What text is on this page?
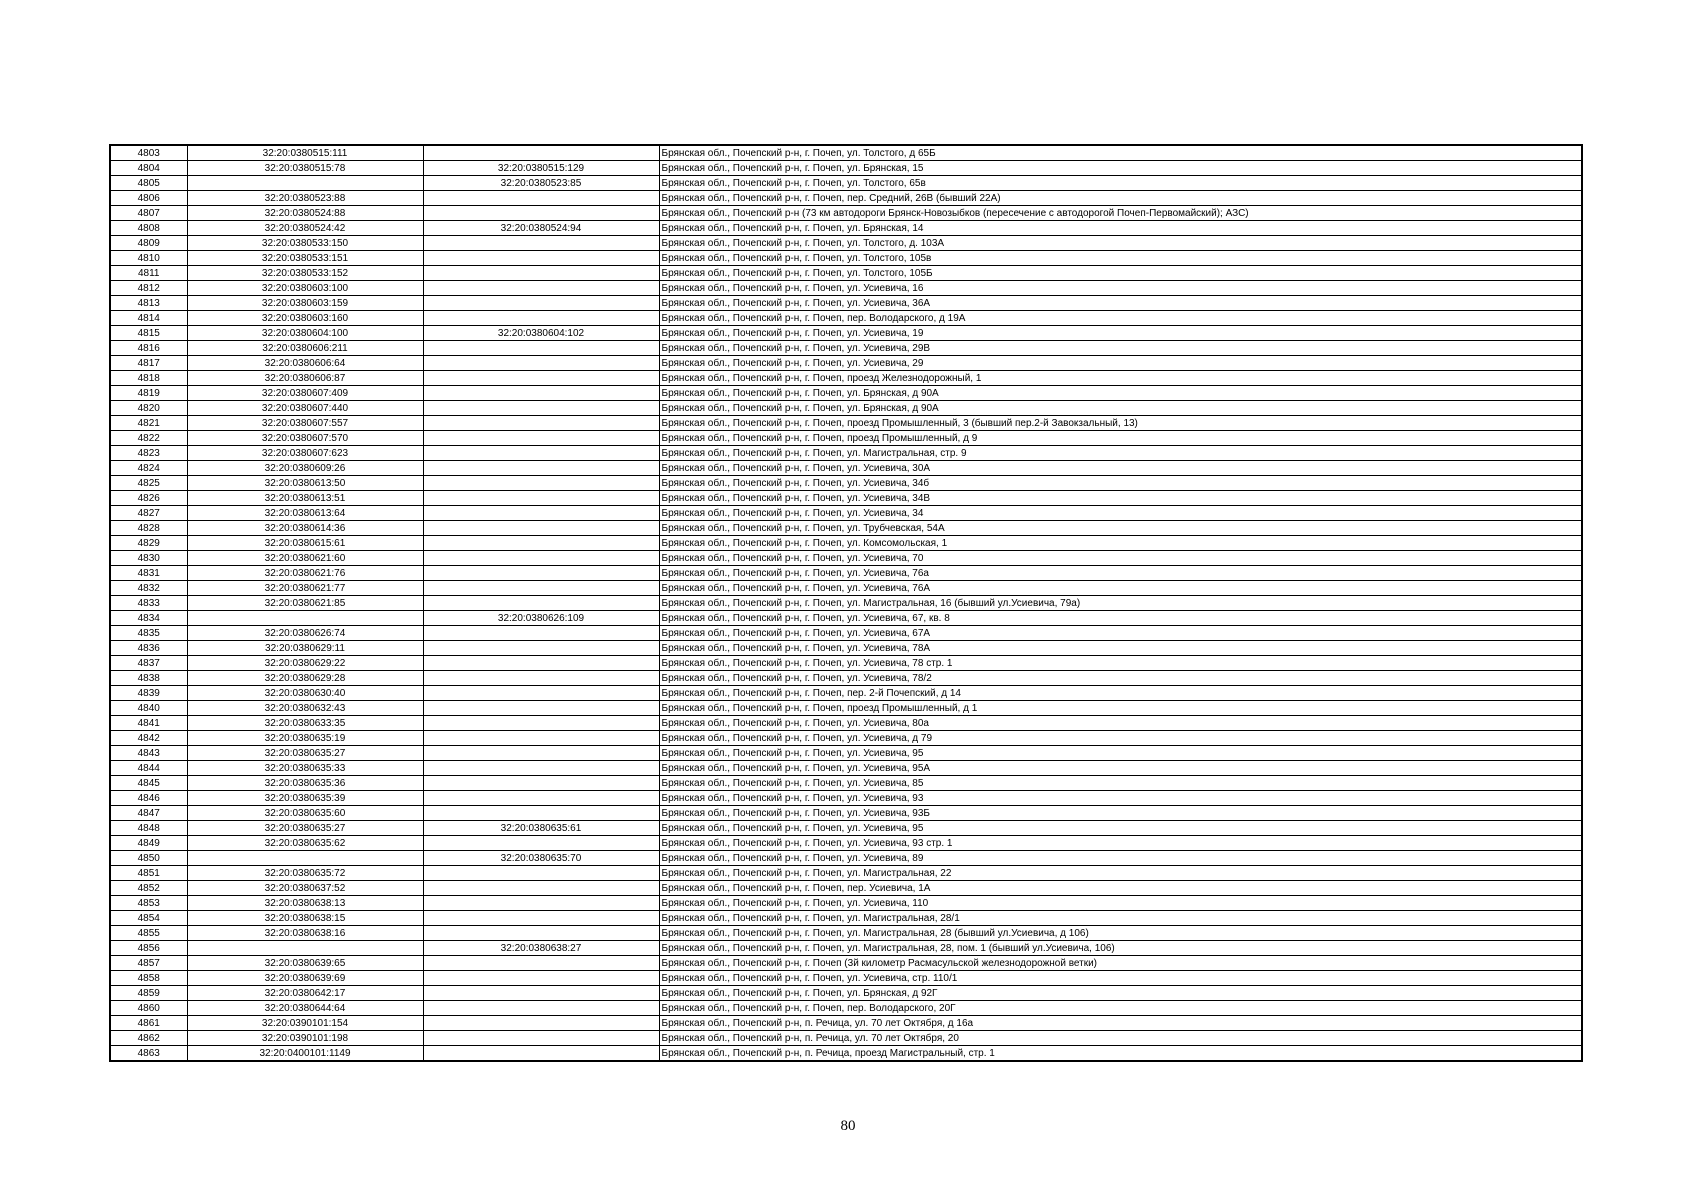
4803	32:20:0380515:111		Брянская обл., Почепский р-н, г. Почеп, ул. Толстого, д 65Б
4804	32:20:0380515:78	32:20:0380515:129	Брянская обл., Почепский р-н, г. Почеп, ул. Брянская, 15
4805		32:20:0380523:85	Брянская обл., Почепский р-н, г. Почеп, ул. Толстого, 65в
4806	32:20:0380523:88		Брянская обл., Почепский р-н, г. Почеп, пер. Средний, 26В (бывший 22А)
4807	32:20:0380524:88		Брянская обл., Почепский р-н (73 км автодороги Брянск-Новозыбков (пересечение с автодорогой Почеп-Первомайский); АЗС)
4808	32:20:0380524:42	32:20:0380524:94	Брянская обл., Почепский р-н, г. Почеп, ул. Брянская, 14
4809	32:20:0380533:150		Брянская обл., Почепский р-н, г. Почеп, ул. Толстого, д. 103А
4810	32:20:0380533:151		Брянская обл., Почепский р-н, г. Почеп, ул. Толстого, 105в
4811	32:20:0380533:152		Брянская обл., Почепский р-н, г. Почеп, ул. Толстого, 105Б
4812	32:20:0380603:100		Брянская обл., Почепский р-н, г. Почеп, ул. Усиевича, 16
4813	32:20:0380603:159		Брянская обл., Почепский р-н, г. Почеп, ул. Усиевича, 36А
4814	32:20:0380603:160		Брянская обл., Почепский р-н, г. Почеп, пер. Володарского, д 19А
4815	32:20:0380604:100	32:20:0380604:102	Брянская обл., Почепский р-н, г. Почеп, ул. Усиевича, 19
4816	32:20:0380606:211		Брянская обл., Почепский р-н, г. Почеп, ул. Усиевича, 29В
4817	32:20:0380606:64		Брянская обл., Почепский р-н, г. Почеп, ул. Усиевича, 29
4818	32:20:0380606:87		Брянская обл., Почепский р-н, г. Почеп, проезд Железнодорожный, 1
4819	32:20:0380607:409		Брянская обл., Почепский р-н, г. Почеп, ул. Брянская, д 90А
4820	32:20:0380607:440		Брянская обл., Почепский р-н, г. Почеп, ул. Брянская, д 90А
4821	32:20:0380607:557		Брянская обл., Почепский р-н, г. Почеп, проезд Промышленный, 3 (бывший пер.2-й Завокзальный, 13)
4822	32:20:0380607:570		Брянская обл., Почепский р-н, г. Почеп, проезд Промышленный, д 9
4823	32:20:0380607:623		Брянская обл., Почепский р-н, г. Почеп, ул. Магистральная, стр. 9
4824	32:20:0380609:26		Брянская обл., Почепский р-н, г. Почеп, ул. Усиевича, 30А
4825	32:20:0380613:50		Брянская обл., Почепский р-н, г. Почеп, ул. Усиевича, 34б
4826	32:20:0380613:51		Брянская обл., Почепский р-н, г. Почеп, ул. Усиевича, 34В
4827	32:20:0380613:64		Брянская обл., Почепский р-н, г. Почеп, ул. Усиевича, 34
4828	32:20:0380614:36		Брянская обл., Почепский р-н, г. Почеп, ул. Трубчевская, 54А
4829	32:20:0380615:61		Брянская обл., Почепский р-н, г. Почеп, ул. Комсомольская, 1
4830	32:20:0380621:60		Брянская обл., Почепский р-н, г. Почеп, ул. Усиевича, 70
4831	32:20:0380621:76		Брянская обл., Почепский р-н, г. Почеп, ул. Усиевича, 76а
4832	32:20:0380621:77		Брянская обл., Почепский р-н, г. Почеп, ул. Усиевича, 76А
4833	32:20:0380621:85		Брянская обл., Почепский р-н, г. Почеп, ул. Магистральная, 16 (бывший ул.Усиевича, 79а)
4834		32:20:0380626:109	Брянская обл., Почепский р-н, г. Почеп, ул. Усиевича, 67, кв. 8
4835	32:20:0380626:74		Брянская обл., Почепский р-н, г. Почеп, ул. Усиевича, 67А
4836	32:20:0380629:11		Брянская обл., Почепский р-н, г. Почеп, ул. Усиевича, 78А
4837	32:20:0380629:22		Брянская обл., Почепский р-н, г. Почеп, ул. Усиевича, 78 стр. 1
4838	32:20:0380629:28		Брянская обл., Почепский р-н, г. Почеп, ул. Усиевича, 78/2
4839	32:20:0380630:40		Брянская обл., Почепский р-н, г. Почеп, пер. 2-й Почепский, д 14
4840	32:20:0380632:43		Брянская обл., Почепский р-н, г. Почеп, проезд Промышленный, д 1
4841	32:20:0380633:35		Брянская обл., Почепский р-н, г. Почеп, ул. Усиевича, 80а
4842	32:20:0380635:19		Брянская обл., Почепский р-н, г. Почеп, ул. Усиевича, д 79
4843	32:20:0380635:27		Брянская обл., Почепский р-н, г. Почеп, ул. Усиевича, 95
4844	32:20:0380635:33		Брянская обл., Почепский р-н, г. Почеп, ул. Усиевича, 95А
4845	32:20:0380635:36		Брянская обл., Почепский р-н, г. Почеп, ул. Усиевича, 85
4846	32:20:0380635:39		Брянская обл., Почепский р-н, г. Почеп, ул. Усиевича, 93
4847	32:20:0380635:60		Брянская обл., Почепский р-н, г. Почеп, ул. Усиевича, 93Б
4848	32:20:0380635:27	32:20:0380635:61	Брянская обл., Почепский р-н, г. Почеп, ул. Усиевича, 95
4849	32:20:0380635:62		Брянская обл., Почепский р-н, г. Почеп, ул. Усиевича, 93 стр. 1
4850		32:20:0380635:70	Брянская обл., Почепский р-н, г. Почеп, ул. Усиевича, 89
4851	32:20:0380635:72		Брянская обл., Почепский р-н, г. Почеп, ул. Магистральная, 22
4852	32:20:0380637:52		Брянская обл., Почепский р-н, г. Почеп, пер. Усиевича, 1А
4853	32:20:0380638:13		Брянская обл., Почепский р-н, г. Почеп, ул. Усиевича, 110
4854	32:20:0380638:15		Брянская обл., Почепский р-н, г. Почеп, ул. Магистральная, 28/1
4855	32:20:0380638:16		Брянская обл., Почепский р-н, г. Почеп, ул. Магистральная, 28 (бывший ул.Усиевича, д 106)
4856		32:20:0380638:27	Брянская обл., Почепский р-н, г. Почеп, ул. Магистральная, 28, пом. 1 (бывший ул.Усиевича, 106)
4857	32:20:0380639:65		Брянская обл., Почепский р-н, г. Почеп (3й километр Расмасульской железнодорожной ветки)
4858	32:20:0380639:69		Брянская обл., Почепский р-н, г. Почеп, ул. Усиевича, стр. 110/1
4859	32:20:0380642:17		Брянская обл., Почепский р-н, г. Почеп, ул. Брянская, д 92Г
4860	32:20:0380644:64		Брянская обл., Почепский р-н, г. Почеп, пер. Володарского, 20Г
4861	32:20:0390101:154		Брянская обл., Почепский р-н, п. Речица, ул. 70 лет Октября, д 16а
4862	32:20:0390101:198		Брянская обл., Почепский р-н, п. Речица, ул. 70 лет Октября, 20
4863	32:20:0400101:1149		Брянская обл., Почепский р-н, п. Речица, проезд Магистральный, стр. 1
80
